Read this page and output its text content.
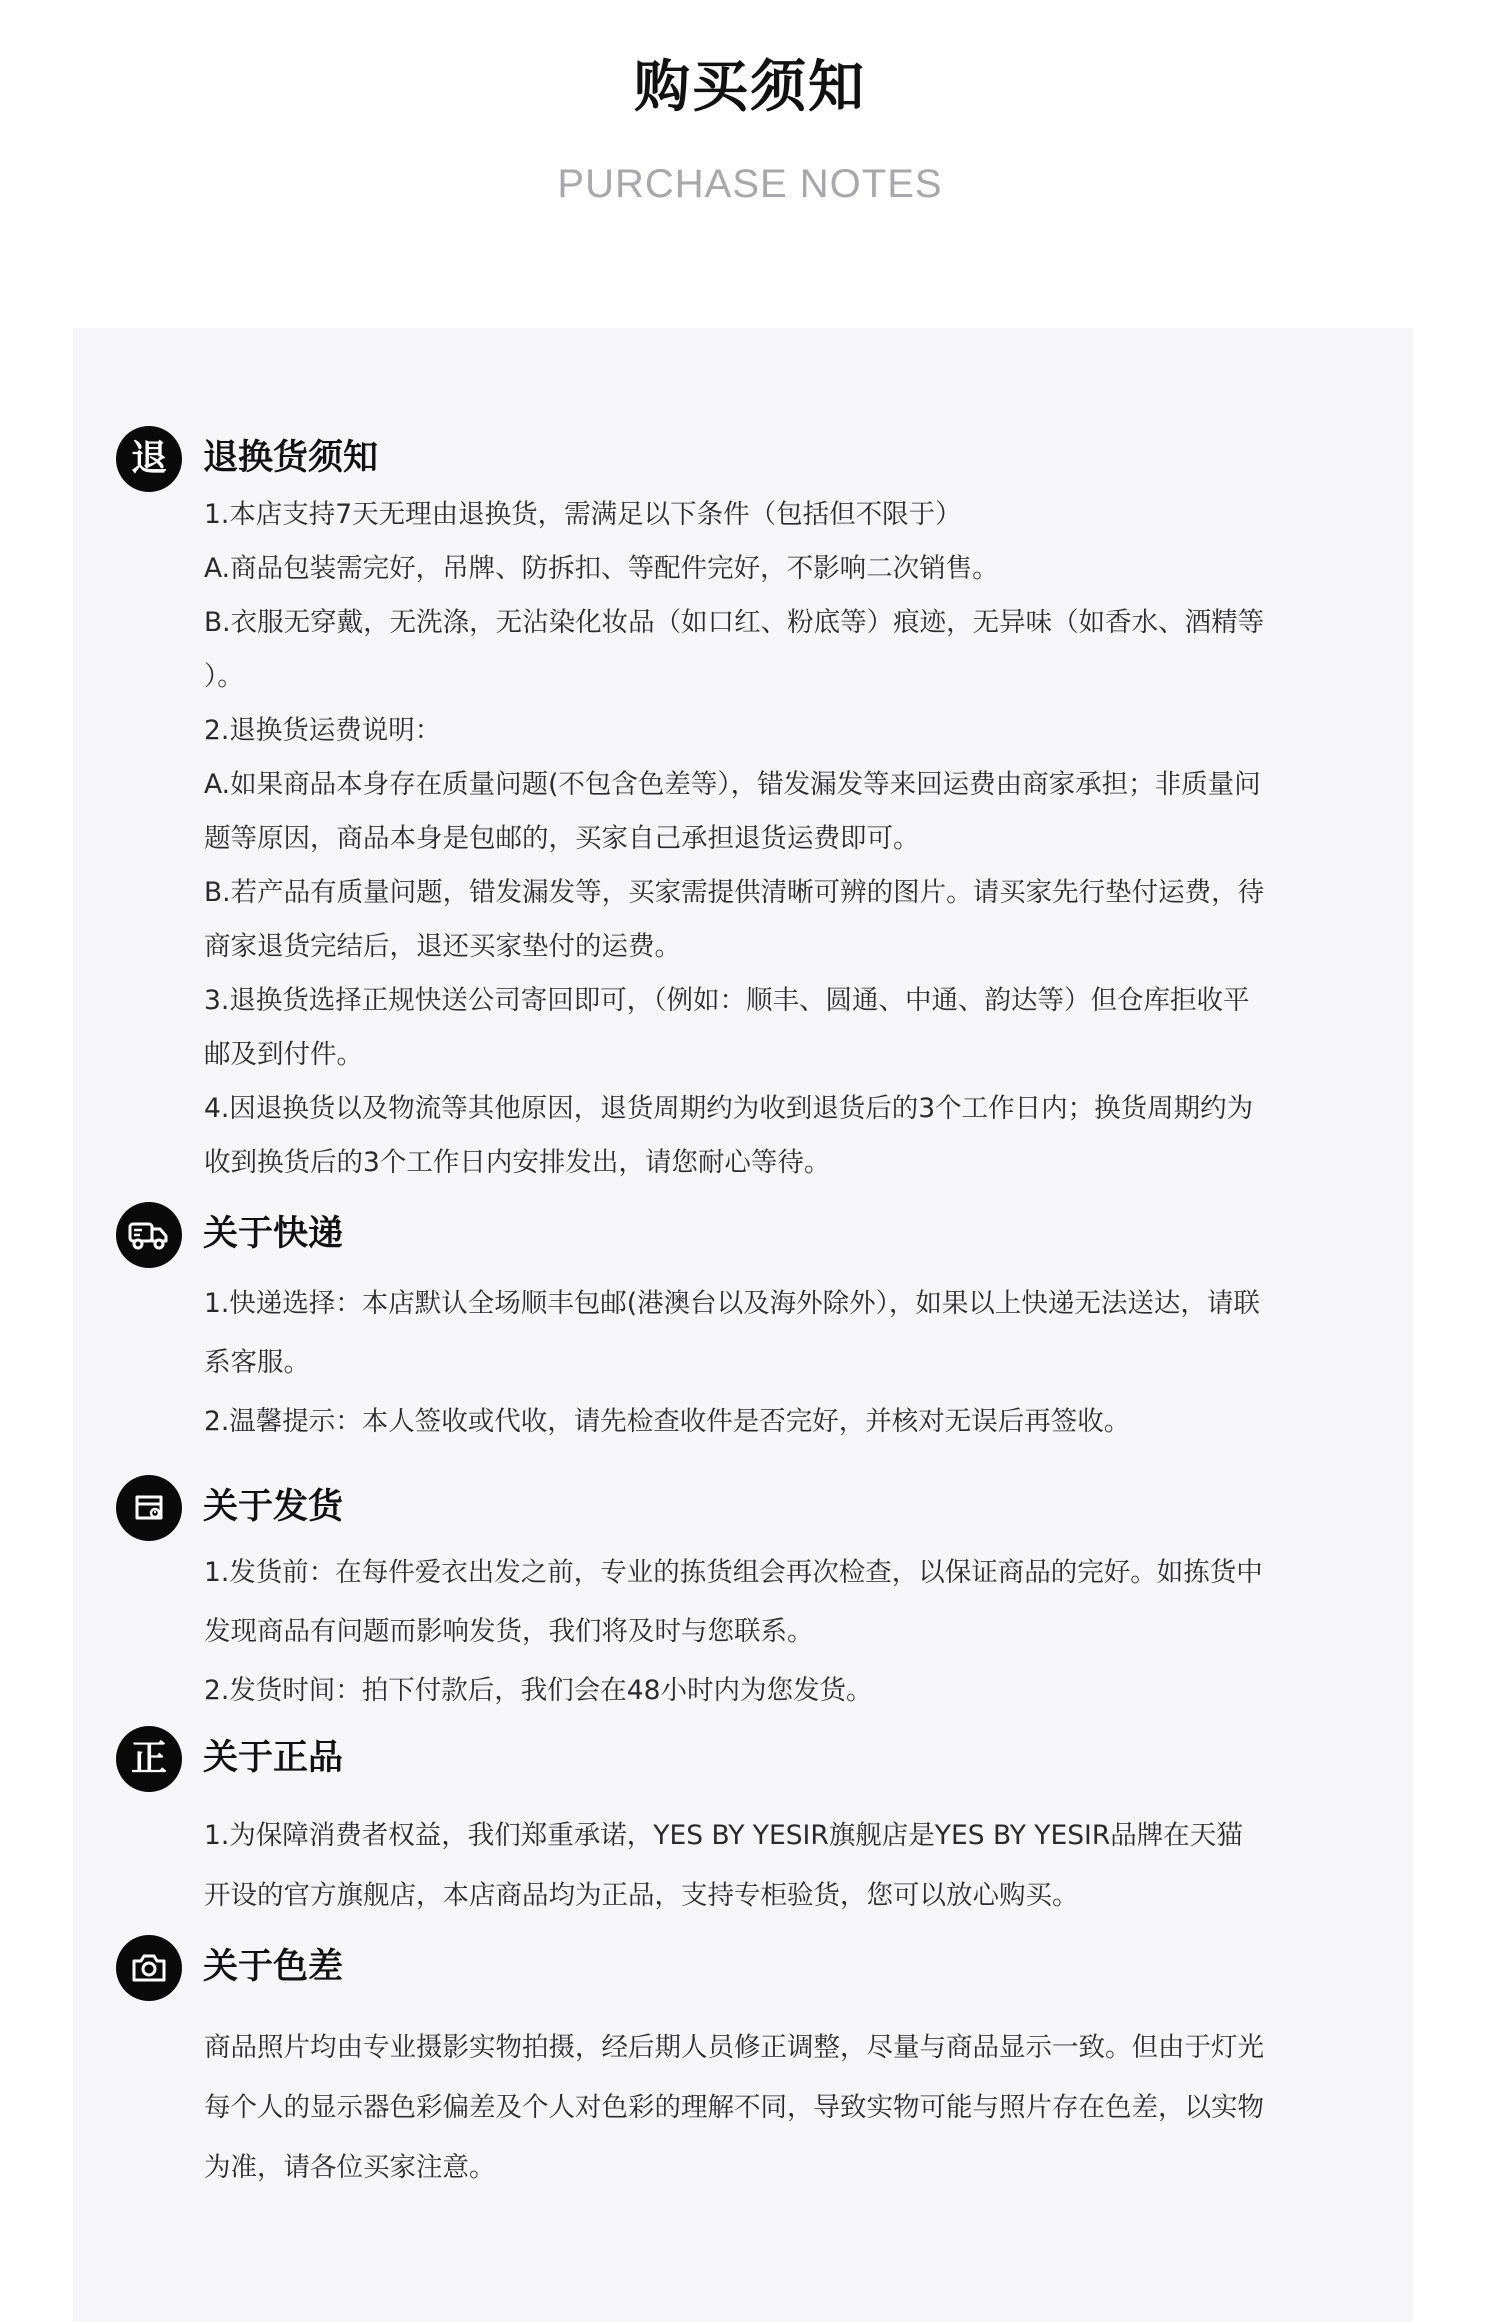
购买须知
PURCHASE NOTES
退	退换货须知
1.本店支持7天无理由退换货，需满足以下条件（包括但不限于）
A.商品包装需完好，吊牌、防拆扣、等配件完好，不影响二次销售。
B.衣服无穿戴，无洗涤，无沾染化妆品（如口红、粉底等）痕迹，无异味（如香水、酒精等
）。
2.退换货运费说明：
A.如果商品本身存在质量问题(不包含色差等），错发漏发等来回运费由商家承担；非质量问
题等原因，商品本身是包邮的，买家自己承担退货运费即可。
B.若产品有质量问题，错发漏发等，买家需提供清晰可辨的图片。请买家先行垫付运费，待
商家退货完结后，退还买家垫付的运费。
3.退换货选择正规快送公司寄回即可，（例如：顺丰、圆通、中通、韵达等）但仓库拒收平
邮及到付件。
4.因退换货以及物流等其他原因，退货周期约为收到退货后的3个工作日内；换货周期约为
收到换货后的3个工作日内安排发出，请您耐心等待。
关于快递
1.快递选择：本店默认全场顺丰包邮(港澳台以及海外除外），如果以上快递无法送达，请联
系客服。
2.温馨提示：本人签收或代收，请先检查收件是否完好，并核对无误后再签收。
关于发货
1.发货前：在每件爱衣出发之前，专业的拣货组会再次检查，以保证商品的完好。如拣货中
发现商品有问题而影响发货，我们将及时与您联系。
2.发货时间：拍下付款后，我们会在48小时内为您发货。
正	关于正品
1.为保障消费者权益，我们郑重承诺，YES BY YESIR旗舰店是YES BY YESIR品牌在天猫
开设的官方旗舰店，本店商品均为正品，支持专柜验货，您可以放心购买。
关于色差
商品照片均由专业摄影实物拍摄，经后期人员修正调整，尽量与商品显示一致。但由于灯光
每个人的显示器色彩偏差及个人对色彩的理解不同，导致实物可能与照片存在色差，以实物
为准，请各位买家注意。
